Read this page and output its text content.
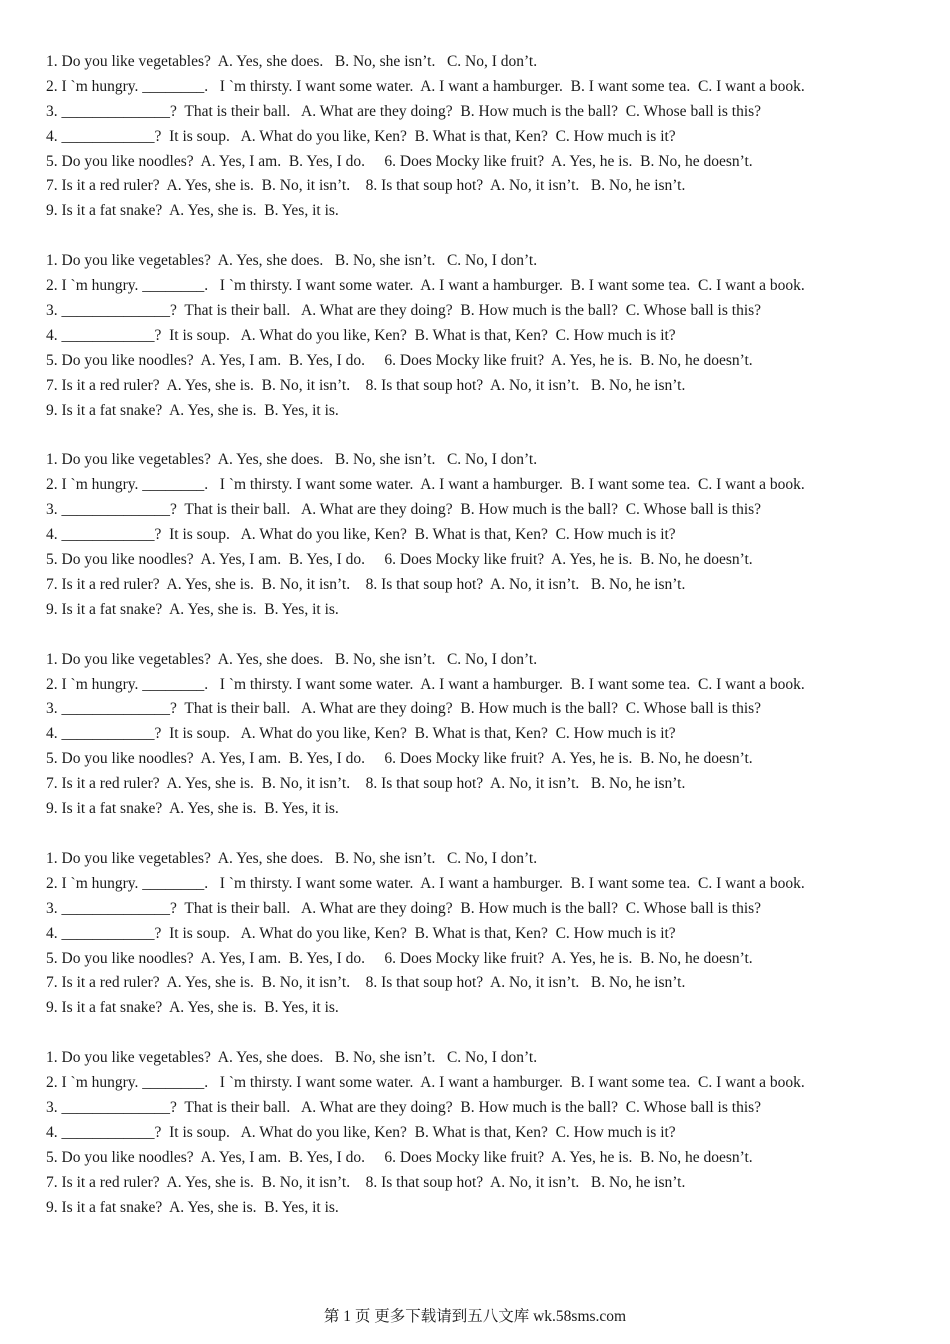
1. Do you like vegetables?  A. Yes, she does.   B. No, she isn’t.   C. No, I don’t.
2. I `m hungry. ________.   I `m thirsty. I want some water.  A. I want a hamburger.  B. I want some tea.  C. I want a book.
3. ______________?  That is their ball.   A. What are they doing?  B. How much is the ball?  C. Whose ball is this?
4. ____________?  It is soup.   A. What do you like, Ken?  B. What is that, Ken?  C. How much is it?
5. Do you like noodles?  A. Yes, I am.  B. Yes, I do.     6. Does Mocky like fruit?  A. Yes, he is.  B. No, he doesn’t.
7. Is it a red ruler?  A. Yes, she is.  B. No, it isn’t.    8. Is that soup hot?  A. No, it isn’t.   B. No, he isn’t.
9. Is it a fat snake?  A. Yes, she is.  B. Yes, it is.
1. Do you like vegetables?  A. Yes, she does.   B. No, she isn’t.   C. No, I don’t.
2. I `m hungry. ________.   I `m thirsty. I want some water.  A. I want a hamburger.  B. I want some tea.  C. I want a book.
3. ______________?  That is their ball.   A. What are they doing?  B. How much is the ball?  C. Whose ball is this?
4. ____________?  It is soup.   A. What do you like, Ken?  B. What is that, Ken?  C. How much is it?
5. Do you like noodles?  A. Yes, I am.  B. Yes, I do.     6. Does Mocky like fruit?  A. Yes, he is.  B. No, he doesn’t.
7. Is it a red ruler?  A. Yes, she is.  B. No, it isn’t.    8. Is that soup hot?  A. No, it isn’t.   B. No, he isn’t.
9. Is it a fat snake?  A. Yes, she is.  B. Yes, it is.
1. Do you like vegetables?  A. Yes, she does.   B. No, she isn’t.   C. No, I don’t.
2. I `m hungry. ________.   I `m thirsty. I want some water.  A. I want a hamburger.  B. I want some tea.  C. I want a book.
3. ______________?  That is their ball.   A. What are they doing?  B. How much is the ball?  C. Whose ball is this?
4. ____________?  It is soup.   A. What do you like, Ken?  B. What is that, Ken?  C. How much is it?
5. Do you like noodles?  A. Yes, I am.  B. Yes, I do.     6. Does Mocky like fruit?  A. Yes, he is.  B. No, he doesn’t.
7. Is it a red ruler?  A. Yes, she is.  B. No, it isn’t.    8. Is that soup hot?  A. No, it isn’t.   B. No, he isn’t.
9. Is it a fat snake?  A. Yes, she is.  B. Yes, it is.
1. Do you like vegetables?  A. Yes, she does.   B. No, she isn’t.   C. No, I don’t.
2. I `m hungry. ________.   I `m thirsty. I want some water.  A. I want a hamburger.  B. I want some tea.  C. I want a book.
3. ______________?  That is their ball.   A. What are they doing?  B. How much is the ball?  C. Whose ball is this?
4. ____________?  It is soup.   A. What do you like, Ken?  B. What is that, Ken?  C. How much is it?
5. Do you like noodles?  A. Yes, I am.  B. Yes, I do.     6. Does Mocky like fruit?  A. Yes, he is.  B. No, he doesn’t.
7. Is it a red ruler?  A. Yes, she is.  B. No, it isn’t.    8. Is that soup hot?  A. No, it isn’t.   B. No, he isn’t.
9. Is it a fat snake?  A. Yes, she is.  B. Yes, it is.
1. Do you like vegetables?  A. Yes, she does.   B. No, she isn’t.   C. No, I don’t.
2. I `m hungry. ________.   I `m thirsty. I want some water.  A. I want a hamburger.  B. I want some tea.  C. I want a book.
3. ______________?  That is their ball.   A. What are they doing?  B. How much is the ball?  C. Whose ball is this?
4. ____________?  It is soup.   A. What do you like, Ken?  B. What is that, Ken?  C. How much is it?
5. Do you like noodles?  A. Yes, I am.  B. Yes, I do.     6. Does Mocky like fruit?  A. Yes, he is.  B. No, he doesn’t.
7. Is it a red ruler?  A. Yes, she is.  B. No, it isn’t.    8. Is that soup hot?  A. No, it isn’t.   B. No, he isn’t.
9. Is it a fat snake?  A. Yes, she is.  B. Yes, it is.
1. Do you like vegetables?  A. Yes, she does.   B. No, she isn’t.   C. No, I don’t.
2. I `m hungry. ________.   I `m thirsty. I want some water.  A. I want a hamburger.  B. I want some tea.  C. I want a book.
3. ______________?  That is their ball.   A. What are they doing?  B. How much is the ball?  C. Whose ball is this?
4. ____________?  It is soup.   A. What do you like, Ken?  B. What is that, Ken?  C. How much is it?
5. Do you like noodles?  A. Yes, I am.  B. Yes, I do.     6. Does Mocky like fruit?  A. Yes, he is.  B. No, he doesn’t.
7. Is it a red ruler?  A. Yes, she is.  B. No, it isn’t.    8. Is that soup hot?  A. No, it isn’t.   B. No, he isn’t.
9. Is it a fat snake?  A. Yes, she is.  B. Yes, it is.
第 1 页 更多下载请到五八文库 wk.58sms.com
